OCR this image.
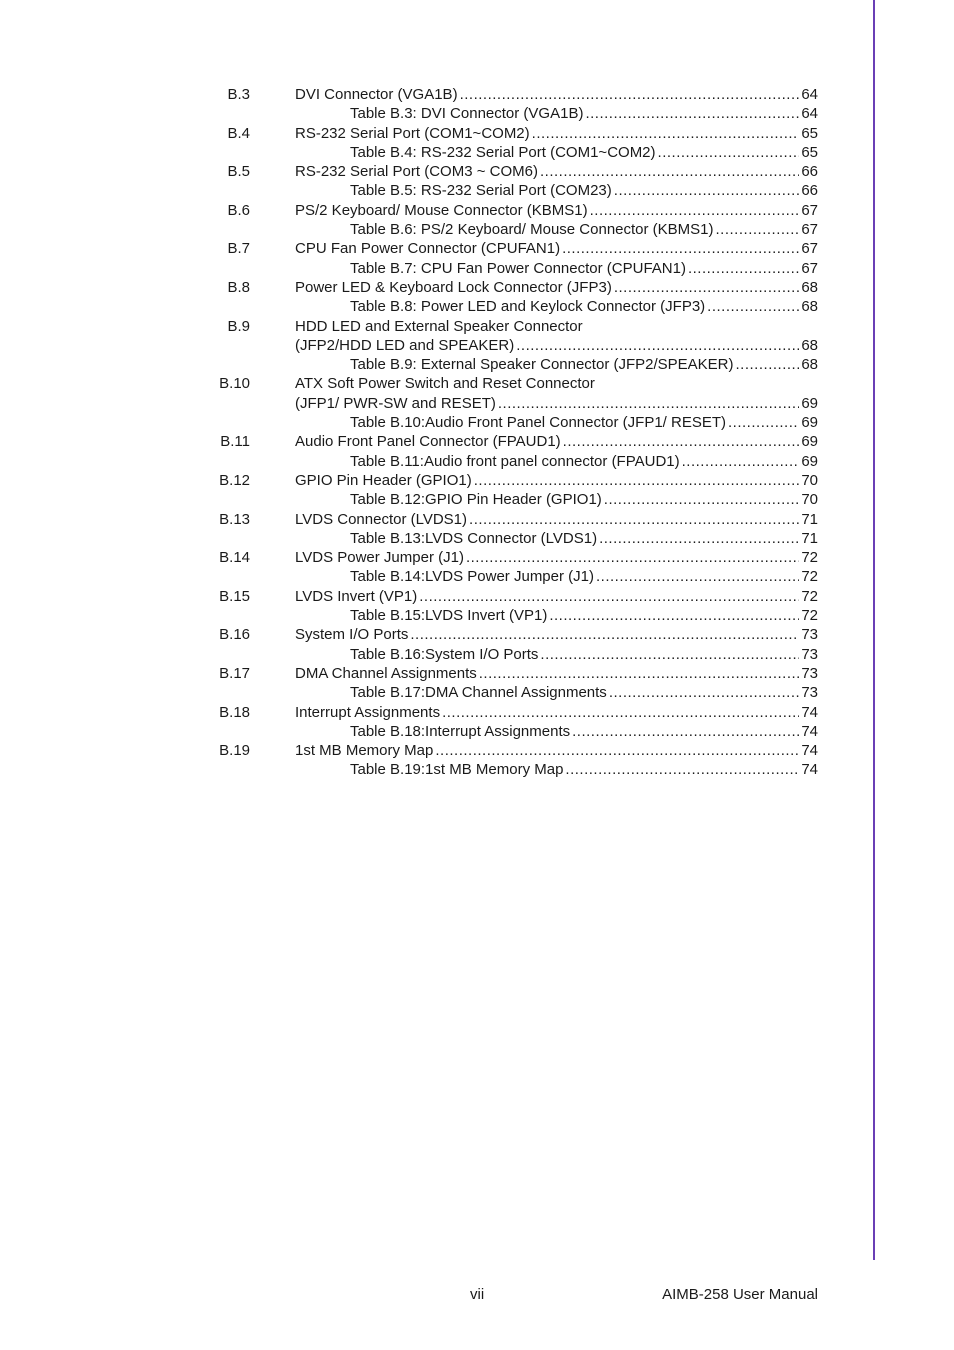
B.3	DVI Connector (VGA1B) .....	64
Table B.3: DVI Connector (VGA1B) .....	64
B.4	RS-232 Serial Port (COM1~COM2) .....	65
Table B.4: RS-232 Serial Port (COM1~COM2) .....	65
B.5	RS-232 Serial Port (COM3 ~ COM6) .....	66
Table B.5: RS-232 Serial Port (COM23) .....	66
B.6	PS/2 Keyboard/ Mouse Connector (KBMS1) .....	67
Table B.6: PS/2 Keyboard/ Mouse Connector (KBMS1) .....	67
B.7	CPU Fan Power Connector (CPUFAN1) .....	67
Table B.7: CPU Fan Power Connector (CPUFAN1) .....	67
B.8	Power LED & Keyboard Lock Connector (JFP3) .....	68
Table B.8: Power LED and Keylock Connector (JFP3) .....	68
B.9	HDD LED and External Speaker Connector
(JFP2/HDD LED and SPEAKER) .....	68
Table B.9: External Speaker Connector (JFP2/SPEAKER) .....	68
B.10	ATX Soft Power Switch and Reset Connector
(JFP1/ PWR-SW and RESET) .....	69
Table B.10:Audio Front Panel Connector (JFP1/ RESET) .....	69
B.11	Audio Front Panel Connector (FPAUD1) .....	69
Table B.11:Audio front panel connector (FPAUD1) .....	69
B.12	GPIO Pin Header (GPIO1) .....	70
Table B.12:GPIO Pin Header (GPIO1) .....	70
B.13	LVDS Connector (LVDS1) .....	71
Table B.13:LVDS Connector (LVDS1) .....	71
B.14	LVDS Power Jumper (J1) .....	72
Table B.14:LVDS Power Jumper (J1) .....	72
B.15	LVDS Invert (VP1) .....	72
Table B.15:LVDS Invert (VP1) .....	72
B.16	System I/O Ports .....	73
Table B.16:System I/O Ports .....	73
B.17	DMA Channel Assignments .....	73
Table B.17:DMA Channel Assignments .....	73
B.18	Interrupt Assignments .....	74
Table B.18:Interrupt Assignments .....	74
B.19	1st MB Memory Map .....	74
Table B.19:1st MB Memory Map .....	74
vii	AIMB-258 User Manual
